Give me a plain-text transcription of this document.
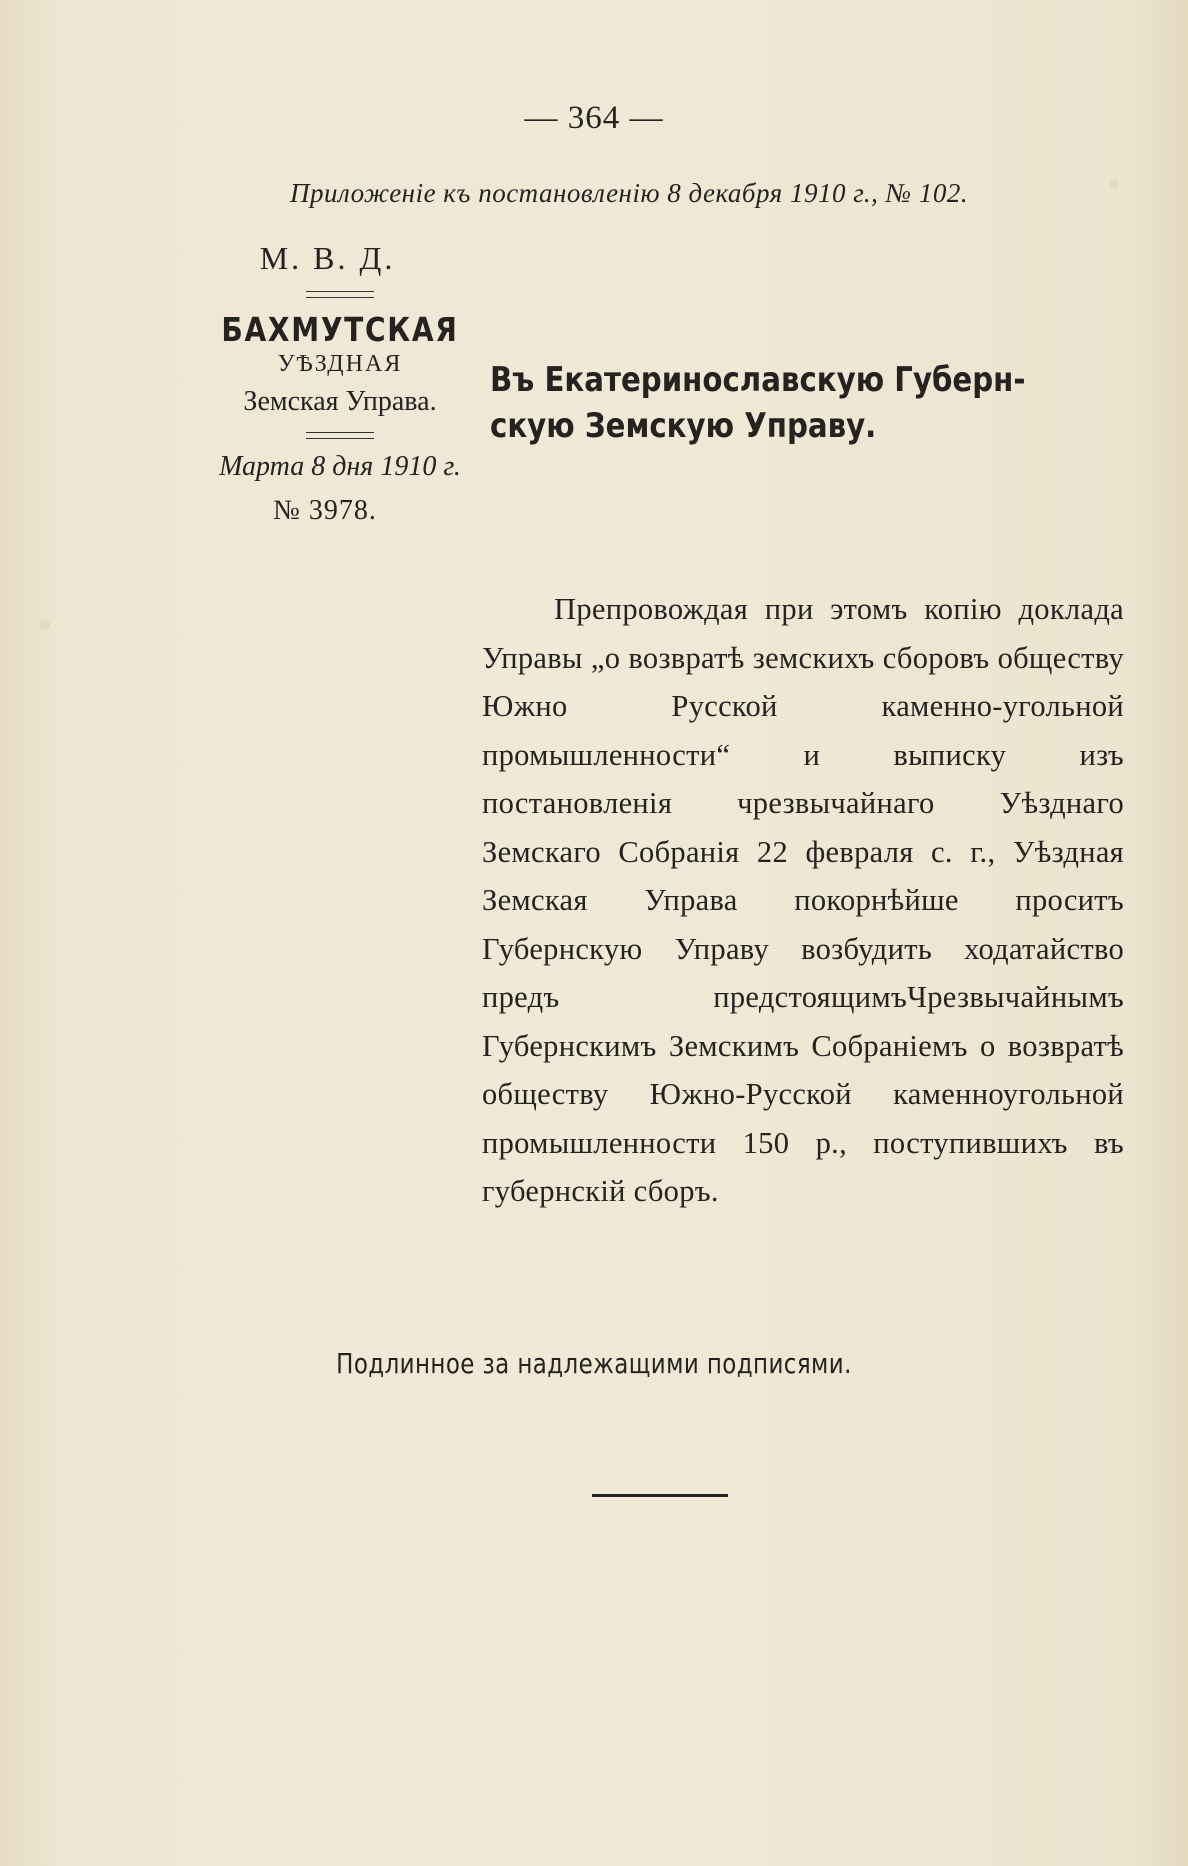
— 364 —
Приложеніе къ постановленію 8 декабря 1910 г., № 102.
М. В. Д.
БАХМУТСКАЯ
УѢЗДНАЯ
Земская Управа.
Марта 8 дня 1910 г.
№ 3978.
Въ Екатеринославскую Губерн-
скую Земскую Управу.

Препровождая при этомъ копію доклада Управы „о возвратѣ земскихъ сборовъ обществу Южно Русской каменно-угольной промышленности“ и выписку изъ постановленія чрезвычайнаго Уѣзднаго Земскаго Собранія 22 февраля с. г., Уѣздная Земская Управа покорнѣйше проситъ Губернскую Управу возбудить ходатайство предъ предстоящимъЧрезвычайнымъ Губернскимъ Земскимъ Собраніемъ о возвратѣ обществу Южно-Русской каменноугольной промышленности 150 р., поступившихъ въ губернскій сборъ.

Подлинное за надлежащими подписями.
